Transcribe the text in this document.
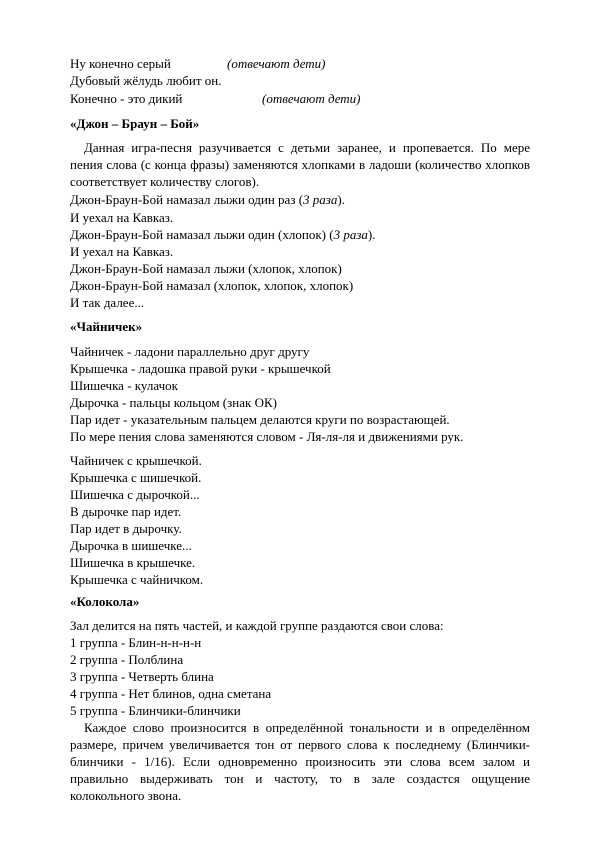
Ну конечно серый	(отвечают дети)
Дубовый жёлудь любит он.
Конечно - это дикий	(отвечают дети)
«Джон – Браун – Бой»
Данная игра-песня разучивается с детьми заранее, и пропевается. По мере пения слова (с конца фразы) заменяются хлопками в ладоши (количество хлопков соответствует количеству слогов).
Джон-Браун-Бой намазал лыжи один раз (3 раза).
И уехал на Кавказ.
Джон-Браун-Бой намазал лыжи один (хлопок) (3 раза).
И уехал на Кавказ.
Джон-Браун-Бой намазал лыжи (хлопок, хлопок)
Джон-Браун-Бой намазал (хлопок, хлопок, хлопок)
И так далее...
«Чайничек»
Чайничек - ладони параллельно друг другу
Крышечка - ладошка правой руки - крышечкой
Шишечка - кулачок
Дырочка - пальцы кольцом (знак ОК)
Пар идет - указательным пальцем делаются круги по возрастающей.
По мере пения слова заменяются словом - Ля-ля-ля и движениями рук.
Чайничек с крышечкой.
Крышечка с шишечкой.
Шишечка с дырочкой...
В дырочке пар идет.
Пар идет в дырочку.
Дырочка в шишечке...
Шишечка в крышечке.
Крышечка с чайничком.
«Колокола»
Зал делится на пять частей, и каждой группе раздаются свои слова:
1 группа - Блин-н-н-н-н
2 группа - Полблина
3 группа - Четверть блина
4 группа - Нет блинов, одна сметана
5 группа - Блинчики-блинчики
Каждое слово произносится в определённой тональности и в определённом размере, причем увеличивается тон от первого слова к последнему (Блинчики-блинчики - 1/16). Если одновременно произносить эти слова всем залом и правильно выдерживать тон и частоту, то в зале создастся ощущение колокольного звона.
